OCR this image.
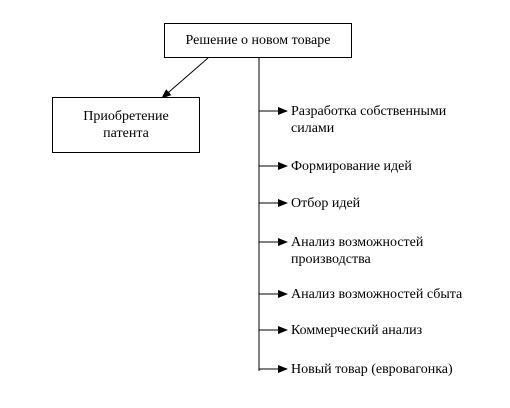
Решение о новом товаре
Приобретение
патента
Разработка собственными
силами
Формирование идей
Отбор идей
Анализ возможностей
производства
Анализ возможностей сбыта
Коммерческий анализ
Новый товар (евровагонка)
